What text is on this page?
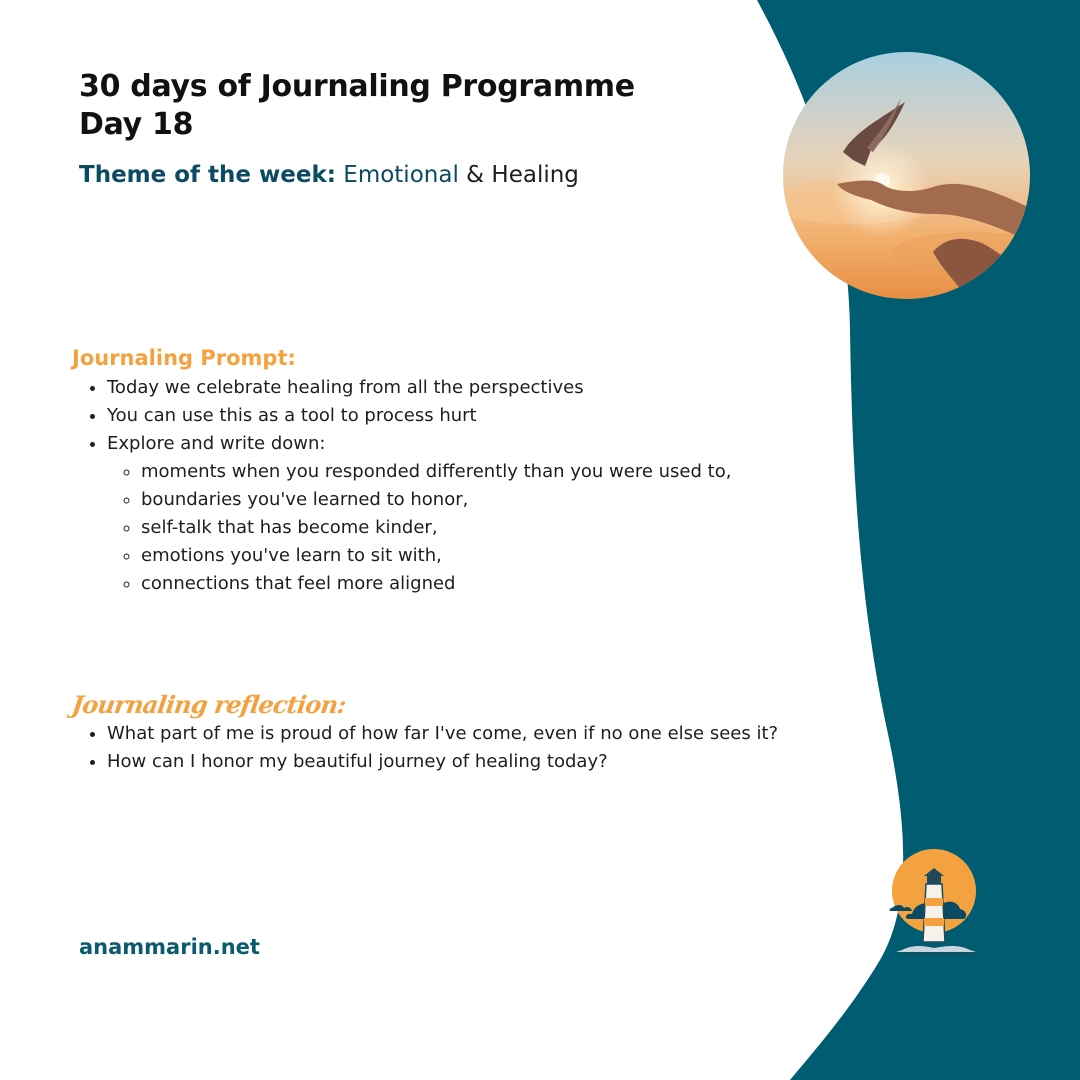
30 days of Journaling Programme
Day 18

Theme of the week: Emotional & Healing

Journaling Prompt:
• Today we celebrate healing from all the perspectives
• You can use this as a tool to process hurt
• Explore and write down:
◦ moments when you responded differently than you were used to,
◦ boundaries you've learned to honor,
◦ self-talk that has become kinder,
◦ emotions you've learn to sit with,
◦ connections that feel more aligned
Journaling reflection:
• What part of me is proud of how far I've come, even if no one else sees it?
• How can I honor my beautiful journey of healing today?
anammarin.net
